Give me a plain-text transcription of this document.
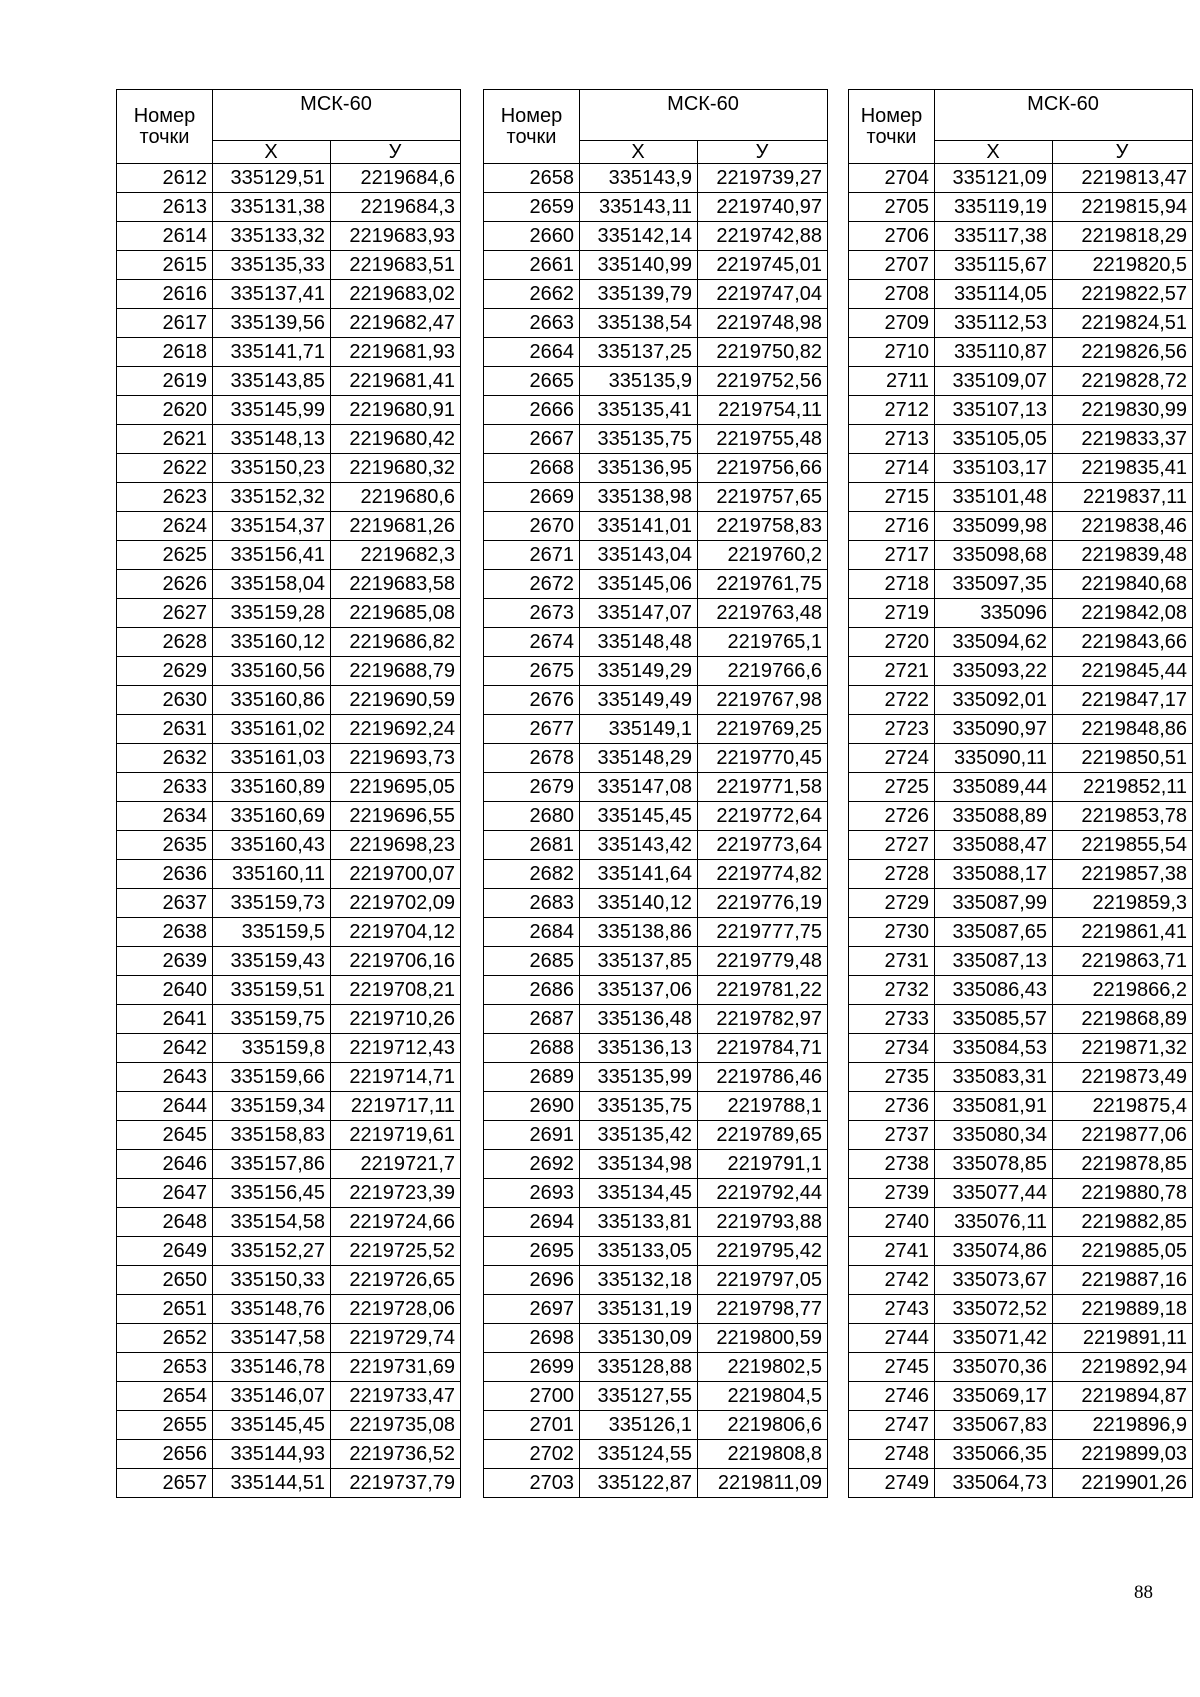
Номер точки	МСК-60	
	Х	У
2612	335129,51	2219684,6
2613	335131,38	2219684,3
2614	335133,32	2219683,93
2615	335135,33	2219683,51
2616	335137,41	2219683,02
2617	335139,56	2219682,47
2618	335141,71	2219681,93
2619	335143,85	2219681,41
2620	335145,99	2219680,91
2621	335148,13	2219680,42
2622	335150,23	2219680,32
2623	335152,32	2219680,6
2624	335154,37	2219681,26
2625	335156,41	2219682,3
2626	335158,04	2219683,58
2627	335159,28	2219685,08
2628	335160,12	2219686,82
2629	335160,56	2219688,79
2630	335160,86	2219690,59
2631	335161,02	2219692,24
2632	335161,03	2219693,73
2633	335160,89	2219695,05
2634	335160,69	2219696,55
2635	335160,43	2219698,23
2636	335160,11	2219700,07
2637	335159,73	2219702,09
2638	335159,5	2219704,12
2639	335159,43	2219706,16
2640	335159,51	2219708,21
2641	335159,75	2219710,26
2642	335159,8	2219712,43
2643	335159,66	2219714,71
2644	335159,34	2219717,11
2645	335158,83	2219719,61
2646	335157,86	2219721,7
2647	335156,45	2219723,39
2648	335154,58	2219724,66
2649	335152,27	2219725,52
2650	335150,33	2219726,65
2651	335148,76	2219728,06
2652	335147,58	2219729,74
2653	335146,78	2219731,69
2654	335146,07	2219733,47
2655	335145,45	2219735,08
2656	335144,93	2219736,52
2657	335144,51	2219737,79
Номер точки	МСК-60	
	Х	У
2658	335143,9	2219739,27
2659	335143,11	2219740,97
2660	335142,14	2219742,88
2661	335140,99	2219745,01
2662	335139,79	2219747,04
2663	335138,54	2219748,98
2664	335137,25	2219750,82
2665	335135,9	2219752,56
2666	335135,41	2219754,11
2667	335135,75	2219755,48
2668	335136,95	2219756,66
2669	335138,98	2219757,65
2670	335141,01	2219758,83
2671	335143,04	2219760,2
2672	335145,06	2219761,75
2673	335147,07	2219763,48
2674	335148,48	2219765,1
2675	335149,29	2219766,6
2676	335149,49	2219767,98
2677	335149,1	2219769,25
2678	335148,29	2219770,45
2679	335147,08	2219771,58
2680	335145,45	2219772,64
2681	335143,42	2219773,64
2682	335141,64	2219774,82
2683	335140,12	2219776,19
2684	335138,86	2219777,75
2685	335137,85	2219779,48
2686	335137,06	2219781,22
2687	335136,48	2219782,97
2688	335136,13	2219784,71
2689	335135,99	2219786,46
2690	335135,75	2219788,1
2691	335135,42	2219789,65
2692	335134,98	2219791,1
2693	335134,45	2219792,44
2694	335133,81	2219793,88
2695	335133,05	2219795,42
2696	335132,18	2219797,05
2697	335131,19	2219798,77
2698	335130,09	2219800,59
2699	335128,88	2219802,5
2700	335127,55	2219804,5
2701	335126,1	2219806,6
2702	335124,55	2219808,8
2703	335122,87	2219811,09
Номер точки	МСК-60	
	Х	У
2704	335121,09	2219813,47
2705	335119,19	2219815,94
2706	335117,38	2219818,29
2707	335115,67	2219820,5
2708	335114,05	2219822,57
2709	335112,53	2219824,51
2710	335110,87	2219826,56
2711	335109,07	2219828,72
2712	335107,13	2219830,99
2713	335105,05	2219833,37
2714	335103,17	2219835,41
2715	335101,48	2219837,11
2716	335099,98	2219838,46
2717	335098,68	2219839,48
2718	335097,35	2219840,68
2719	335096	2219842,08
2720	335094,62	2219843,66
2721	335093,22	2219845,44
2722	335092,01	2219847,17
2723	335090,97	2219848,86
2724	335090,11	2219850,51
2725	335089,44	2219852,11
2726	335088,89	2219853,78
2727	335088,47	2219855,54
2728	335088,17	2219857,38
2729	335087,99	2219859,3
2730	335087,65	2219861,41
2731	335087,13	2219863,71
2732	335086,43	2219866,2
2733	335085,57	2219868,89
2734	335084,53	2219871,32
2735	335083,31	2219873,49
2736	335081,91	2219875,4
2737	335080,34	2219877,06
2738	335078,85	2219878,85
2739	335077,44	2219880,78
2740	335076,11	2219882,85
2741	335074,86	2219885,05
2742	335073,67	2219887,16
2743	335072,52	2219889,18
2744	335071,42	2219891,11
2745	335070,36	2219892,94
2746	335069,17	2219894,87
2747	335067,83	2219896,9
2748	335066,35	2219899,03
2749	335064,73	2219901,26
88
